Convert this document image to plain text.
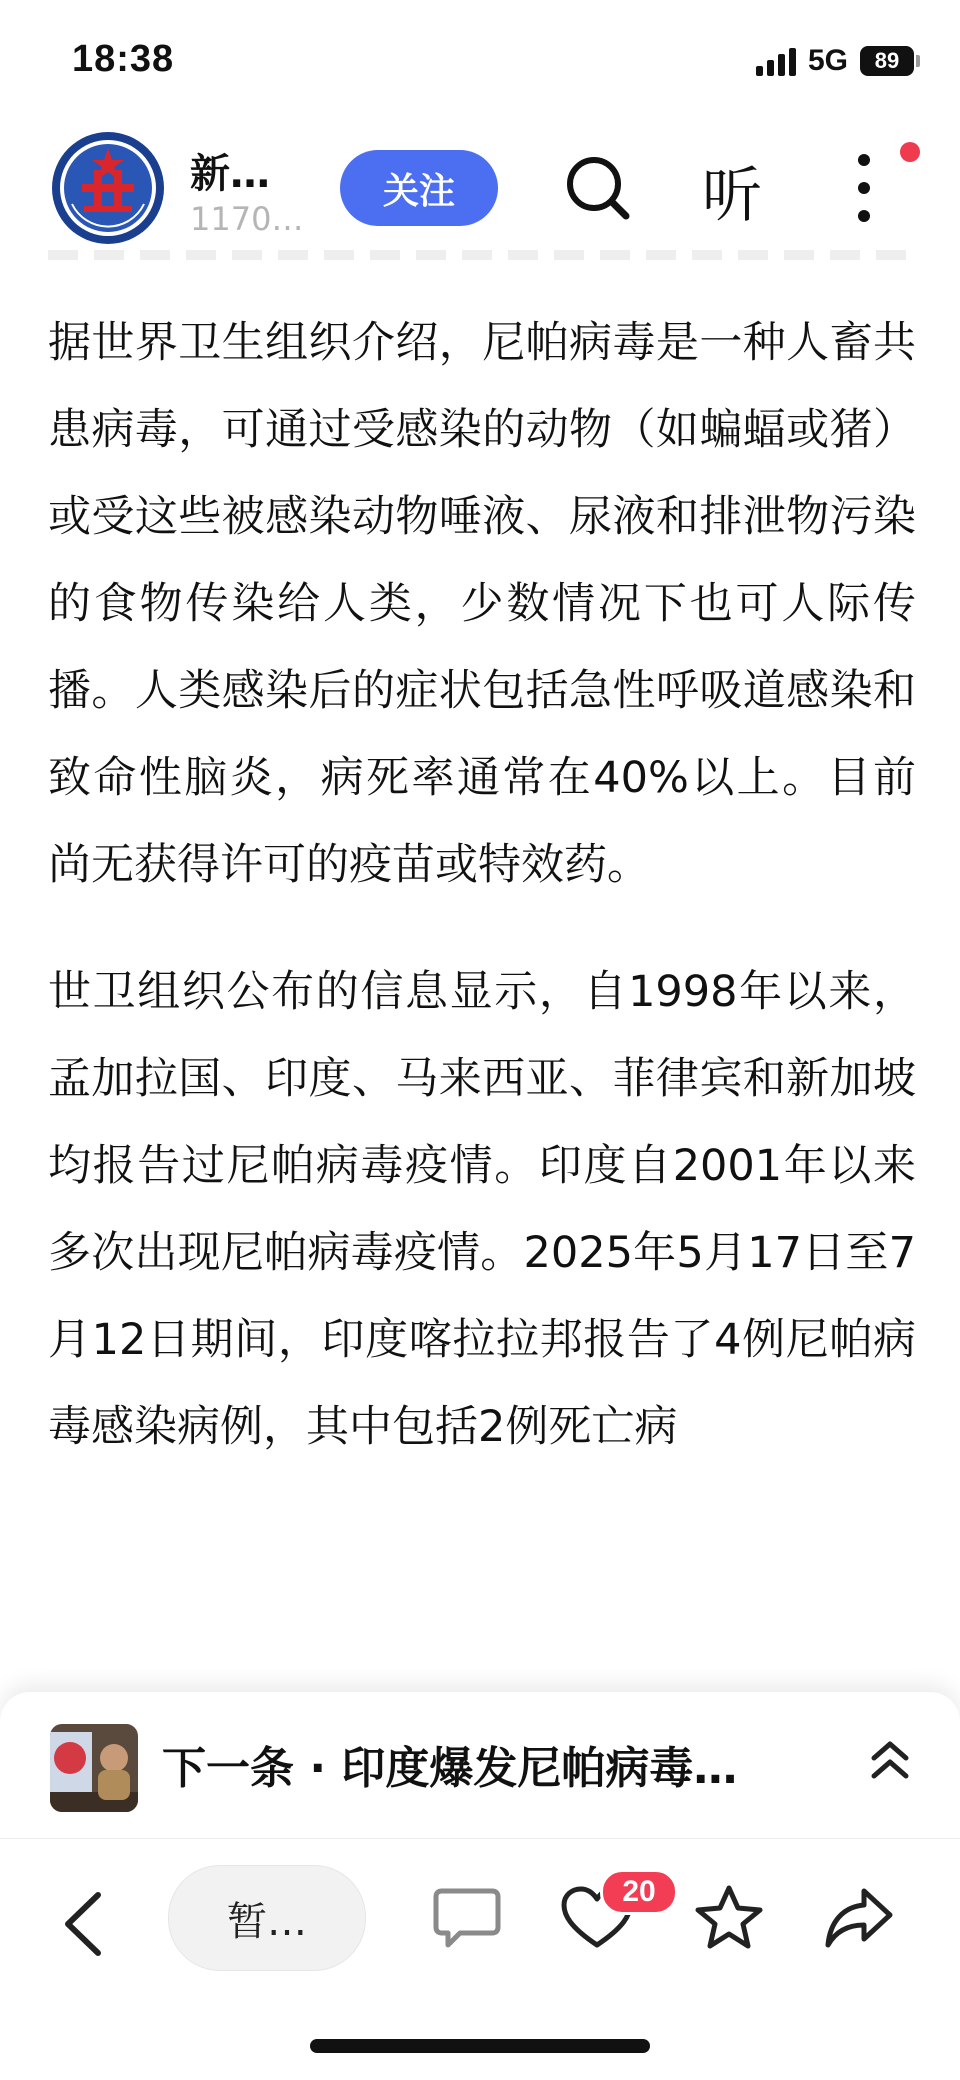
18:38	5G	89
新…
1170…
关注	听

据世界卫生组织介绍，尼帕病毒是一种人畜共患病毒，可通过受感染的动物（如蝙蝠或猪）或受这些被感染动物唾液、尿液和排泄物污染的食物传染给人类，少数情况下也可人际传播。人类感染后的症状包括急性呼吸道感染和致命性脑炎，病死率通常在40%以上。目前尚无获得许可的疫苗或特效药。

世卫组织公布的信息显示，自1998年以来，孟加拉国、印度、马来西亚、菲律宾和新加坡均报告过尼帕病毒疫情。印度自2001年以来多次出现尼帕病毒疫情。2025年5月17日至7月12日期间，印度喀拉拉邦报告了4例尼帕病毒感染病例，其中包括2例死亡病

下一条 · 印度爆发尼帕病毒…
暂…
20
